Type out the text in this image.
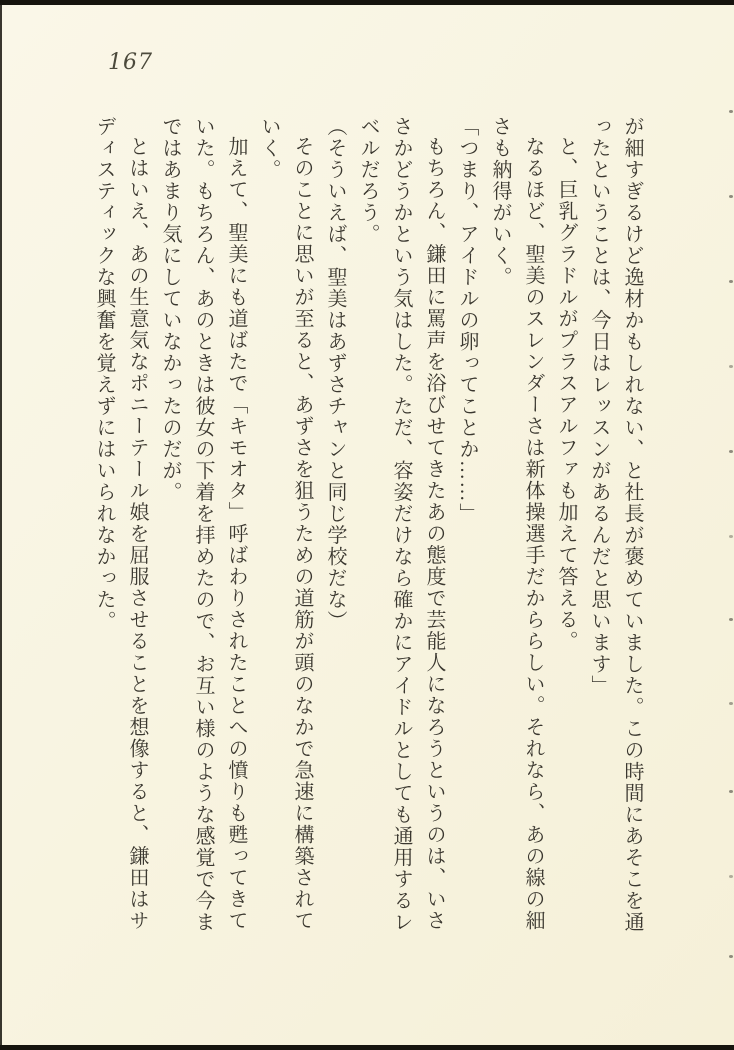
167

が細すぎるけど逸材かもしれない、と社長が褒めていました。この時間にあそこを通ったということは、今日はレッスンがあるんだと思います」

と、巨乳グラドルがプラスアルファも加えて答える。

なるほど、聖美のスレンダーさは新体操選手だかららしい。それなら、あの線の細さも納得がいく。

「つまり、アイドルの卵ってことか……」

もちろん、鎌田に罵声を浴びせてきたあの態度で芸能人になろうというのは、いささかどうかという気はした。ただ、容姿だけなら確かにアイドルとしても通用するレベルだろう。

（そういえば、聖美はあずさチャンと同じ学校だな）

そのことに思いが至ると、あずさを狙うための道筋が頭のなかで急速に構築されていく。

加えて、聖美にも道ばたで「キモオタ」呼ばわりされたことへの憤りも甦ってきていた。もちろん、あのときは彼女の下着を拝めたので、お互い様のような感覚で今まではあまり気にしていなかったのだが。

とはいえ、あの生意気なポニーテール娘を屈服させることを想像すると、鎌田はサディスティックな興奮を覚えずにはいられなかった。
